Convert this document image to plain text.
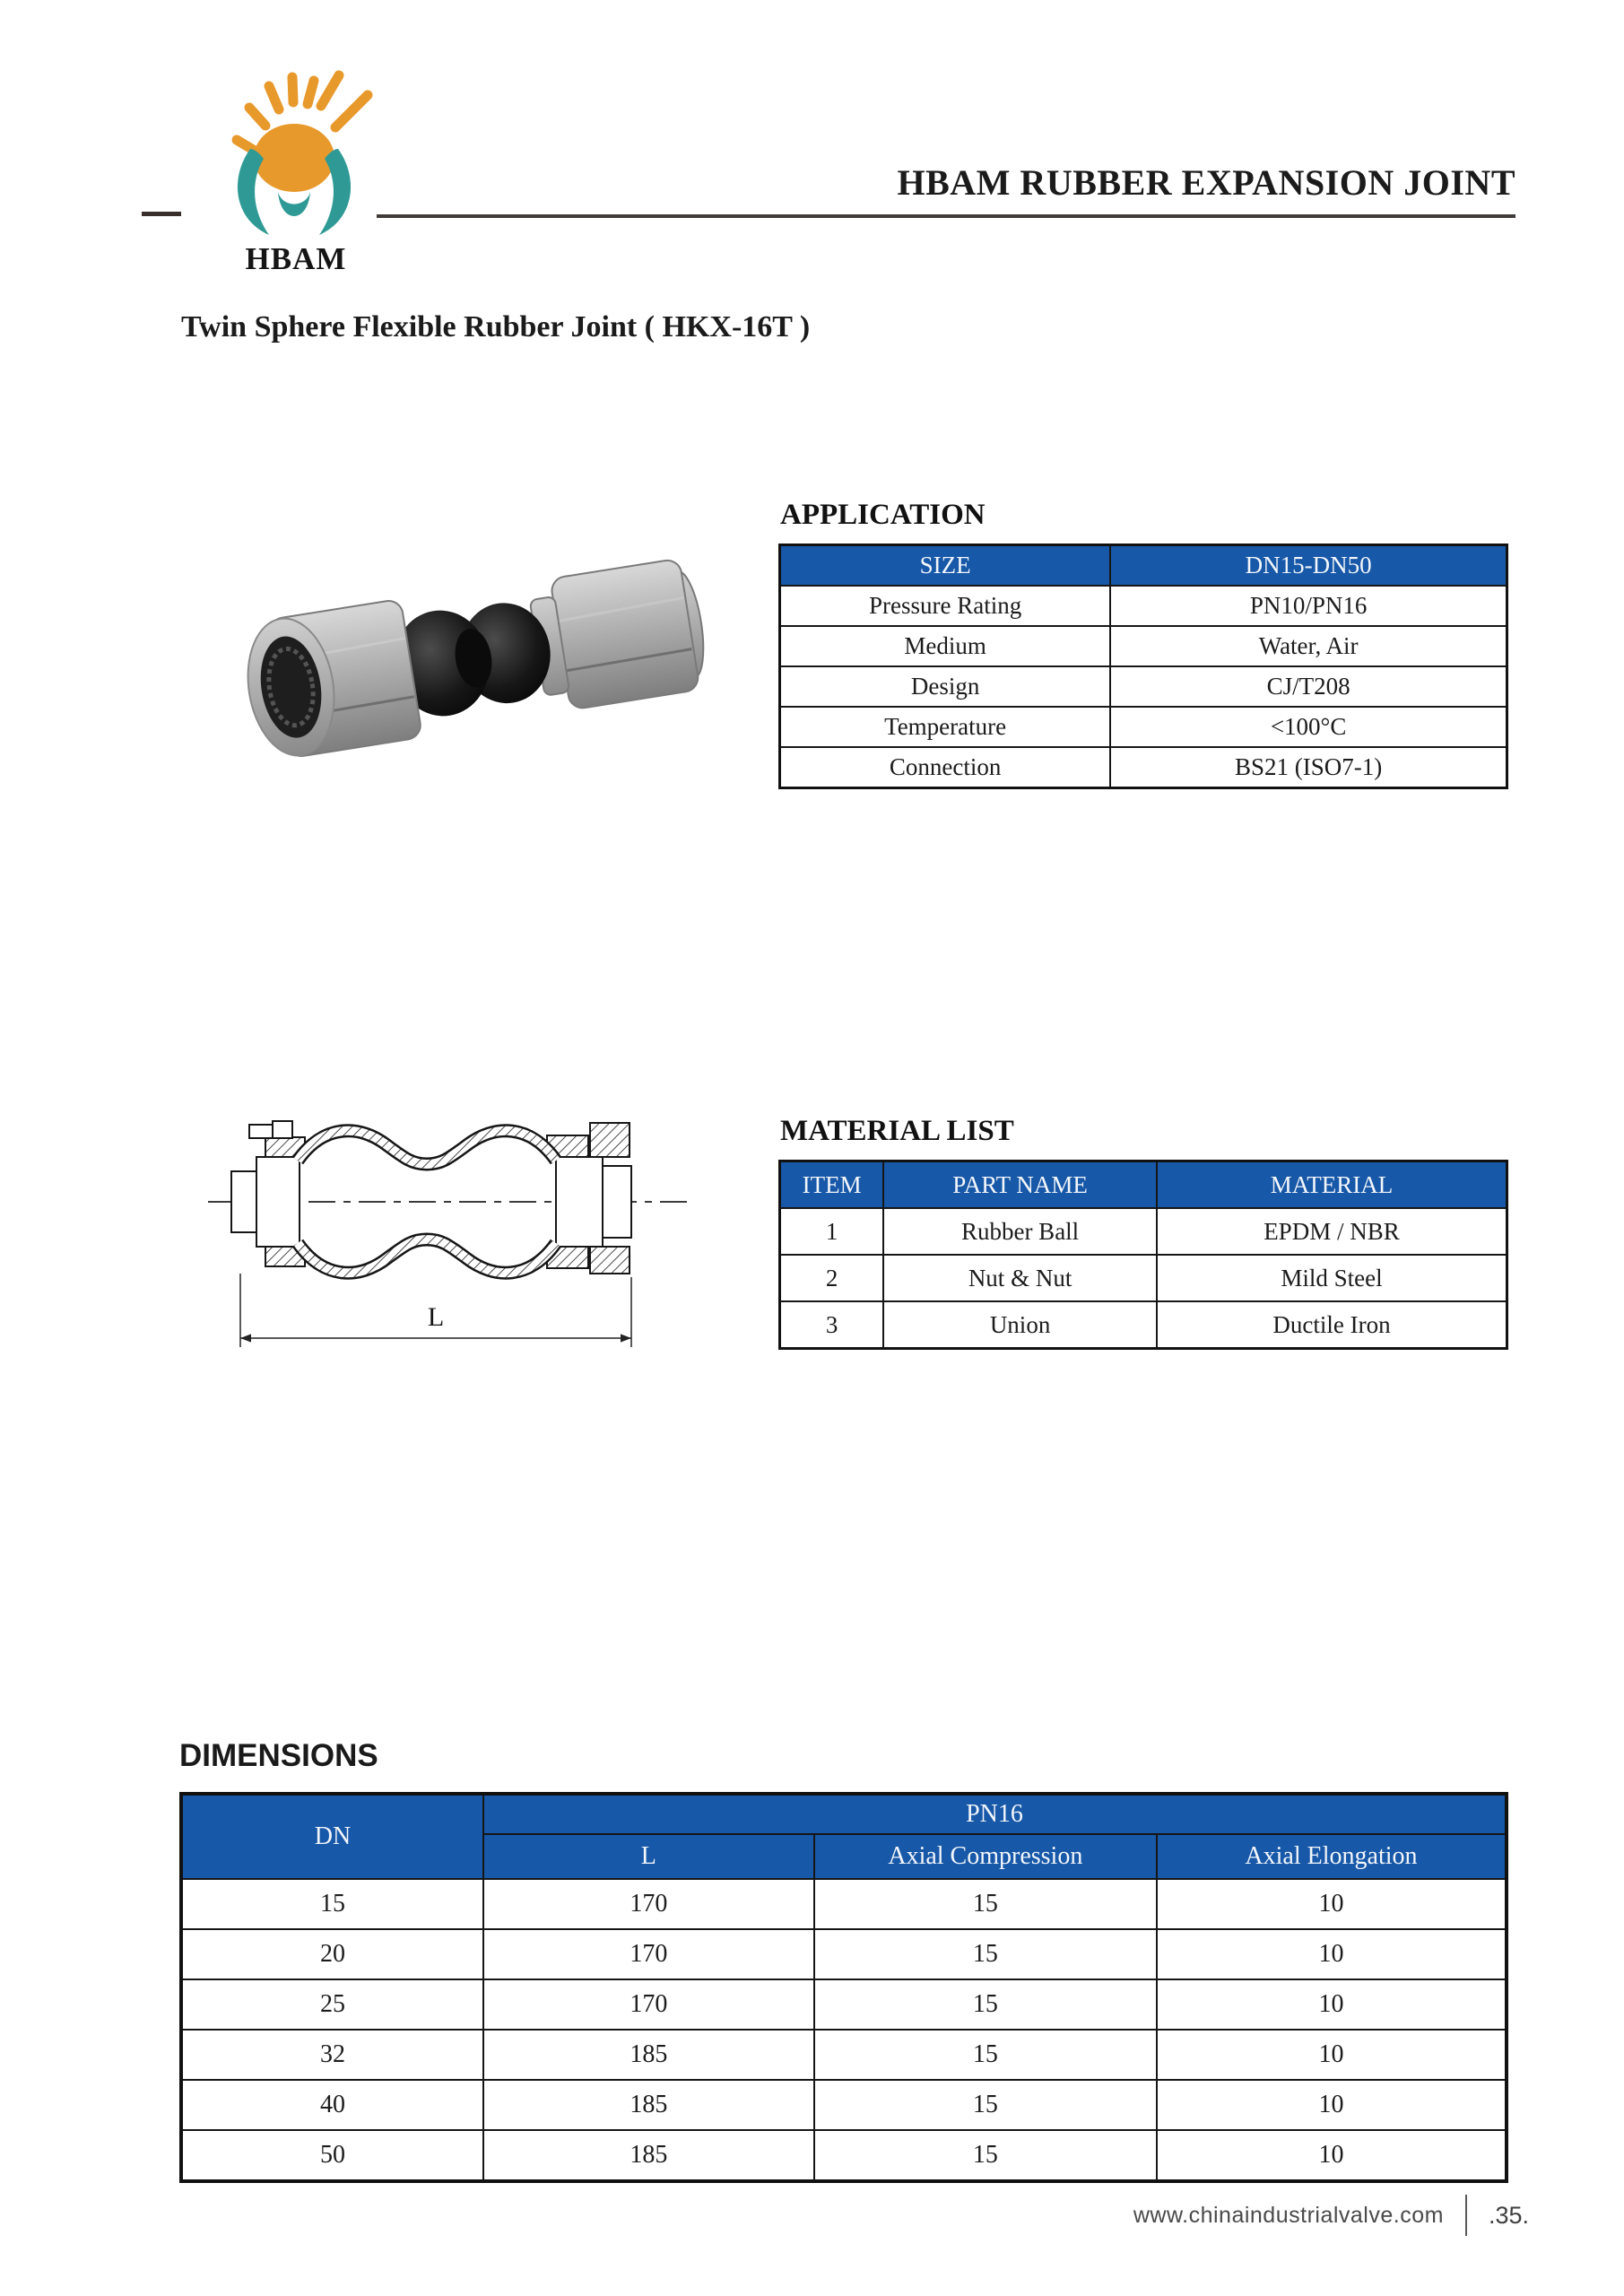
HBAM
HBAM RUBBER EXPANSION JOINT
Twin Sphere Flexible Rubber Joint ( HKX-16T )
APPLICATION
SIZE	DN15-DN50
Pressure Rating	PN10/PN16
Medium	Water, Air
Design	CJ/T208
Temperature	<100°C
Connection	BS21 (ISO7-1)
L
MATERIAL LIST
ITEM	PART NAME	MATERIAL
1	Rubber Ball	EPDM / NBR
2	Nut & Nut	Mild Steel
3	Union	Ductile Iron
DIMENSIONS
DN	PN16		
	L	Axial Compression	Axial Elongation
15	170	15	10
20	170	15	10
25	170	15	10
32	185	15	10
40	185	15	10
50	185	15	10
www.chinaindustrialvalve.com .35.
